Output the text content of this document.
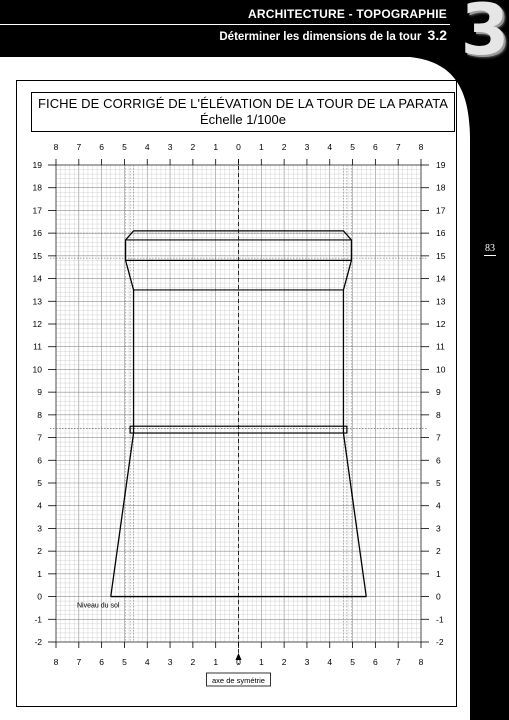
ARCHITECTURE - TOPOGRAPHIE
Déterminer les dimensions de la tour 3.2 3
83
FICHE DE CORRIGÉ DE L'ÉLÉVATION DE LA TOUR DE LA PARATA
Échelle 1/100e
8
8
7
7
6
6
5
5
4
4
3
3
2
2
1
1
0
0
1
1
2
2
3
3
4
4
5
5
6
6
7
7
8
8
-2	-2
-1	-1
0	0
1	1
2	2
3	3
4	4
5	5
6	6
7	7
8	8
9	9
10	10
11	11
12	12
13	13
14	14
15	15
16	16
17	17
18	18
19	19
Niveau du sol
axe de symétrie
